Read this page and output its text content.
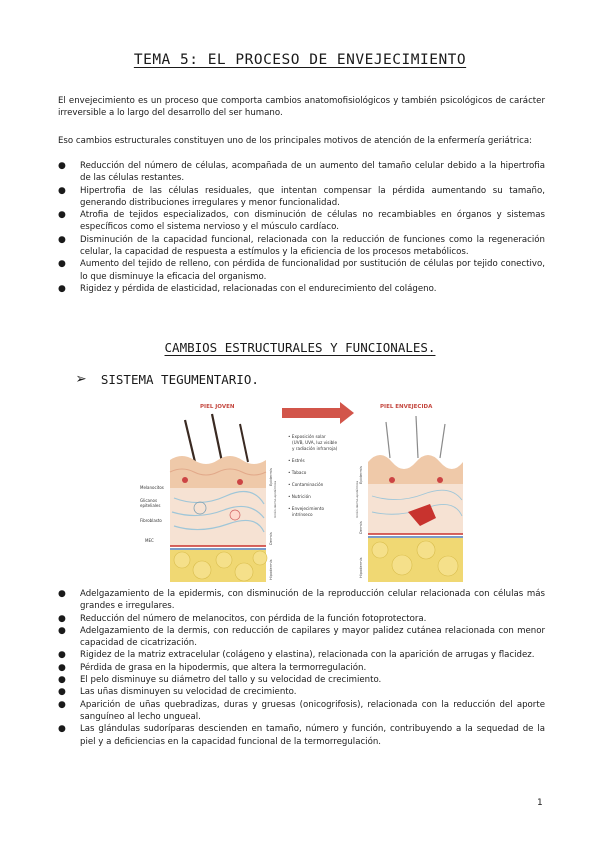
TEMA 5: EL PROCESO DE ENVEJECIMIENTO

El envejecimiento es un proceso que comporta cambios anatomofisiológicos y también psicológicos de carácter irreversible a lo largo del desarrollo del ser humano.

Eso cambios estructurales constituyen uno de los principales motivos de atención de la enfermería geriátrica:

● Reducción del número de células, acompañada de un aumento del tamaño celular debido a la hipertrofia de las células restantes.
● Hipertrofia de las células residuales, que intentan compensar la pérdida aumentando su tamaño, generando distribuciones irregulares y menor funcionalidad.
● Atrofia de tejidos especializados, con disminución de células no recambiables en órganos y sistemas específicos como el sistema nervioso y el músculo cardíaco.
● Disminución de la capacidad funcional, relacionada con la reducción de funciones como la regeneración celular, la capacidad de respuesta a estímulos y la eficiencia de los procesos metabólicos.
● Aumento del tejido de relleno, con pérdida de funcionalidad por sustitución de células por tejido conectivo, lo que disminuye la eficacia del organismo.
● Rigidez y pérdida de elasticidad, relacionadas con el endurecimiento del colágeno.
CAMBIOS ESTRUCTURALES Y FUNCIONALES.
➢ SISTEMA TEGUMENTARIO.
PIEL JOVEN
Melanocitos
Glicanos
epiteliales
Fibroblasto
MEC
Epidermis
Unión dermo-epidérmica
Dermis
Hipodermis
• Exposición solar
(UVB, UVA, luz visible
y radiación infrarroja)
• Estrés
• Tabaco
• Contaminación
• Nutrición
• Envejecimiento
intrínseco
PIEL ENVEJECIDA
Epidermis
Unión dermo-epidérmica
Dermis
Hipodermis
● Adelgazamiento de la epidermis, con disminución de la reproducción celular relacionada con células más grandes e irregulares.
● Reducción del número de melanocitos, con pérdida de la función fotoprotectora.
● Adelgazamiento de la dermis, con reducción de capilares y mayor palidez cutánea relacionada con menor capacidad de cicatrización.
● Rigidez de la matriz extracelular (colágeno y elastina), relacionada con la aparición de arrugas y flacidez.
● Pérdida de grasa en la hipodermis, que altera la termorregulación.
● El pelo disminuye su diámetro del tallo y su velocidad de crecimiento.
● Las uñas disminuyen su velocidad de crecimiento.
● Aparición de uñas quebradizas, duras y gruesas (onicogrifosis), relacionada con la reducción del aporte sanguíneo al lecho ungueal.
● Las glándulas sudoríparas descienden en tamaño, número y función, contribuyendo a la sequedad de la piel y a deficiencias en la capacidad funcional de la termorregulación.
1
